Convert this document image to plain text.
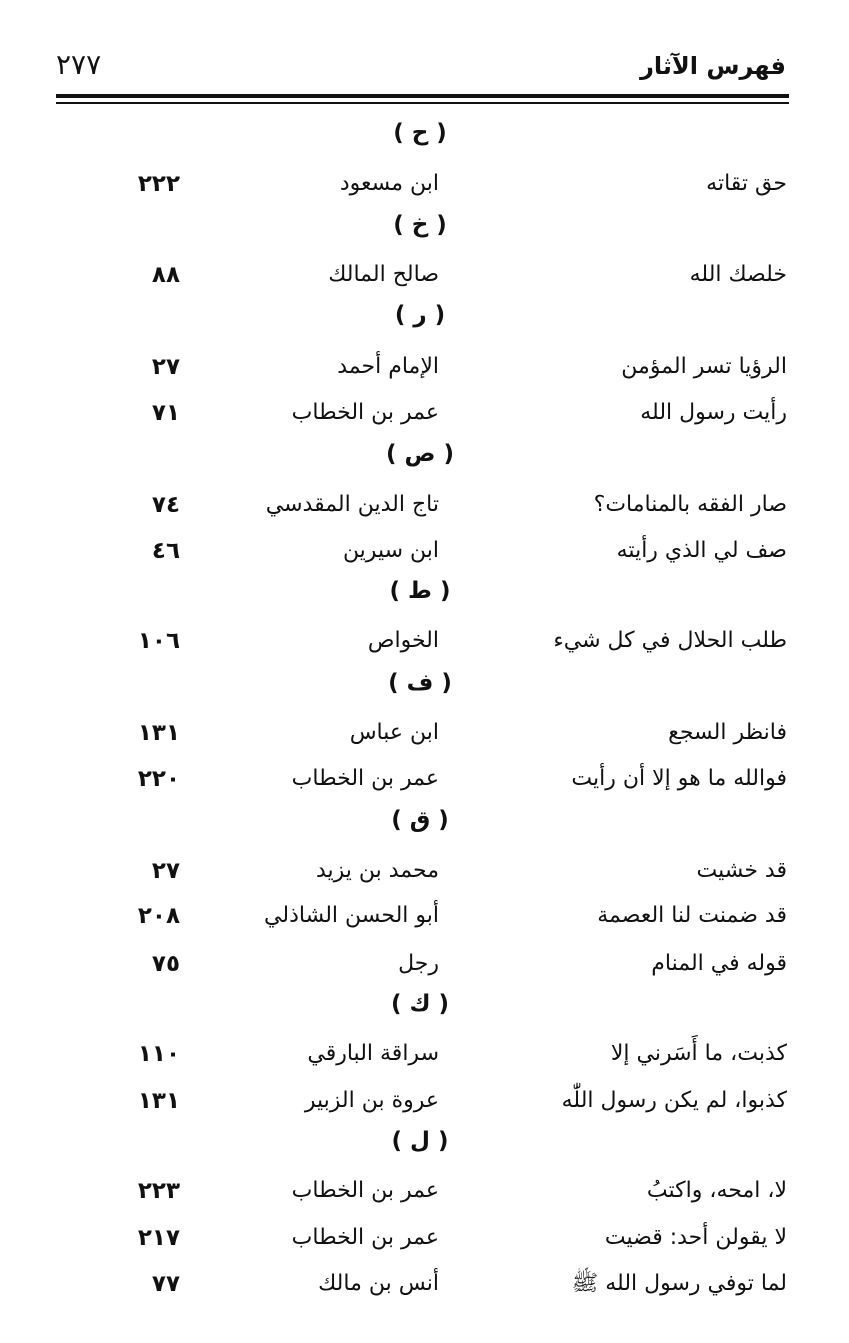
٢٧٧	فهرس الآثار
( ح )
حق تقاته
ابن مسعود
٢٢٢
( خ )
خلصك الله
صالح المالك
٨٨
( ر )
الرؤيا تسر المؤمن
الإمام أحمد
٢٧
رأيت رسول الله
عمر بن الخطاب
٧١
( ص )
صار الفقه بالمنامات؟
تاج الدين المقدسي
٧٤
صف لي الذي رأيته
ابن سيرين
٤٦
( ط )
طلب الحلال في كل شيء
الخواص
١٠٦
( ف )
فانظر السجع
ابن عباس
١٣١
فوالله ما هو إلا أن رأيت
عمر بن الخطاب
٢٢٠
( ق )
قد خشيت
محمد بن يزيد
٢٧
قد ضمنت لنا العصمة
أبو الحسن الشاذلي
٢٠٨
قوله في المنام
رجل
٧٥
( ك )
كذبت، ما أَسَرني إلا
سراقة البارقي
١١٠
كذبوا، لم يكن رسول اللّٰه
عروة بن الزبير
١٣١
( ل )
لا، امحه، واكتبُ
عمر بن الخطاب
٢٢٣
لا يقولن أحد: قضيت
عمر بن الخطاب
٢١٧
لما توفي رسول الله ﷺ
أنس بن مالك
٧٧
